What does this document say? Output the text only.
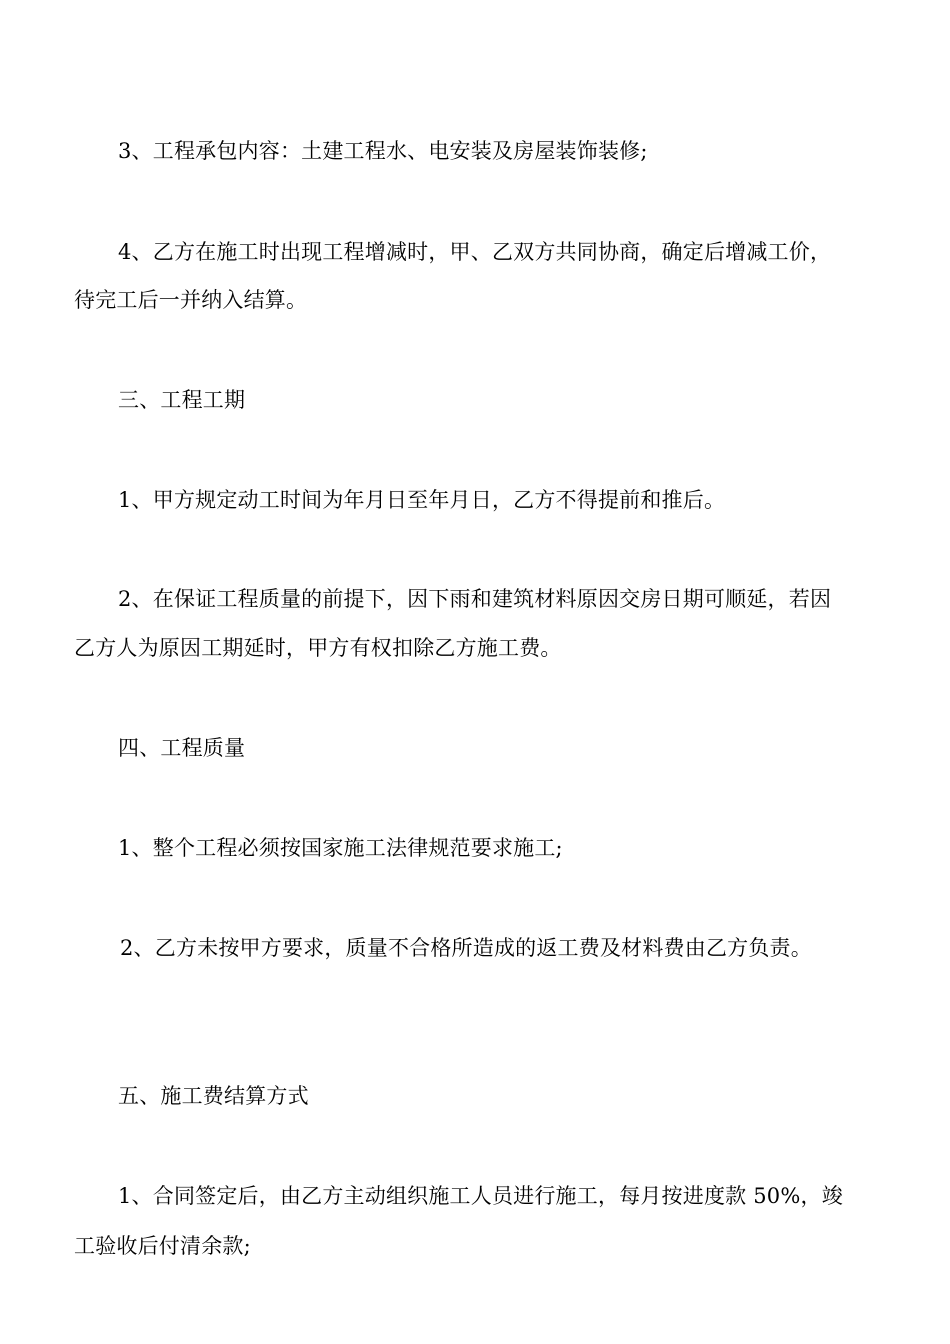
3、工程承包内容：土建工程水、电安装及房屋装饰装修;
4、乙方在施工时出现工程增减时，甲、乙双方共同协商，确定后增减工价，
待完工后一并纳入结算。
三、工程工期
1、甲方规定动工时间为年月日至年月日，乙方不得提前和推后。
2、在保证工程质量的前提下，因下雨和建筑材料原因交房日期可顺延，若因
乙方人为原因工期延时，甲方有权扣除乙方施工费。
四、工程质量
1、整个工程必须按国家施工法律规范要求施工;
2、乙方未按甲方要求，质量不合格所造成的返工费及材料费由乙方负责。
五、施工费结算方式
1、合同签定后，由乙方主动组织施工人员进行施工，每月按进度款 50%，竣
工验收后付清余款;
